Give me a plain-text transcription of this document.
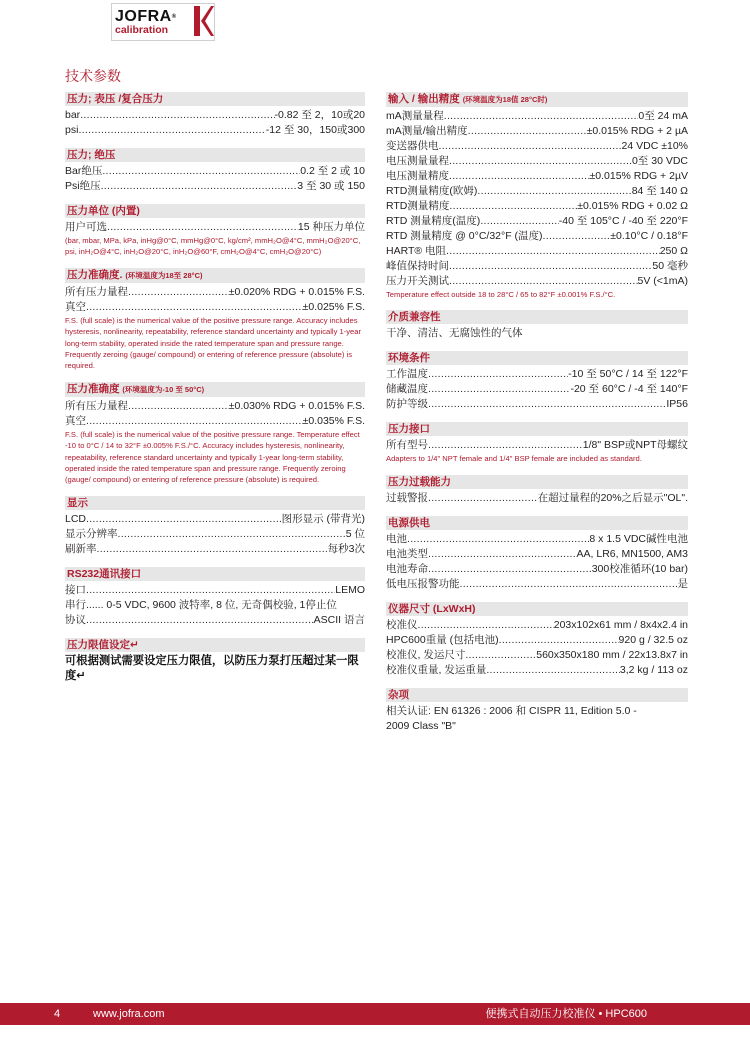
JOFRA®
calibration
技术参数
压力; 表压 /复合压力
bar .....	-0.82 至 2，10或20
psi .....	-12 至 30，150或300
压力; 绝压
Bar绝压 .....	0.2 至 2 或 10
Psi绝压 .....	3 至 30 或 150
压力单位 (内置)
用户可选 .....	15 种压力单位
(bar, mbar, MPa, kPa, inHg@0°C, mmHg@0°C, kg/cm², mmH₂O@4°C, mmH₂O@20°C, psi, inH₂O@4°C, inH₂O@20°C, inH₂O@60°F, cmH₂O@4°C, cmH₂O@20°C)
压力准确度. (环境温度为18至 28°C)
所有压力量程 .....	±0.020% RDG + 0.015% F.S.
真空 .....	±0.025% F.S.
F.S. (full scale) is the numerical value of the positive pressure range. Accuracy includes hysteresis, nonlinearity, repeatability, reference standard uncertainty and typically 1-year long-term stability, operated inside the rated temperature span and pressure range. Frequently zeroing (gauge/ compound) or entering of reference pressure (absolute) is required.
压力准确度 (环境温度为-10 至 50°C)
所有压力量程 .....	±0.030% RDG + 0.015% F.S.
真空 .....	±0.035% F.S.
F.S. (full scale) is the numerical value of the positive pressure range. Temperature effect -10 to 0°C / 14 to 32°F ±0.005% F.S./°C. Accuracy includes hysteresis, nonlinearity, repeatability, reference standard uncertainty and typically 1-year long-term stability, operated inside the rated temperature span and pressure range. Frequently zeroing (gauge/ compound) or entering of reference pressure (absolute) is required.
显示
LCD .....	图形显示 (带背光)
显示分辨率 .....	5 位
刷新率 .....	每秒3次
RS232通讯接口
接口 .....	LEMO
串行...... 0-5 VDC, 9600 波特率, 8 位, 无奇偶校验, 1停止位
协议 .....	ASCII 语言
压力限值设定↵
可根据测试需要设定压力限值，以防压力泵打压超过某一限度↵
输入 / 输出精度 (环境温度为18值 28°C时)
mA测量量程 .....	0至 24 mA
mA测量/输出精度 .....	±0.015% RDG + 2 µA
变送器供电 .....	24 VDC ±10%
电压测量量程 .....	0至 30 VDC
电压测量精度 .....	±0.015% RDG + 2µV
RTD测量精度(欧姆) .....	84 至 140 Ω
RTD测量精度 .....	±0.015% RDG + 0.02 Ω
RTD 测量精度(温度) .....	-40 至 105°C / -40 至 220°F
RTD 测量精度 @ 0°C/32°F (温度) .....	±0.10°C / 0.18°F
HART® 电阻 .....	250 Ω
峰值保持时间 .....	50 毫秒
压力开关测试 .....	5V (<1mA)
Temperature effect outside 18 to 28°C / 65 to 82°F ±0.001% F.S./°C.
介质兼容性
干净、清洁、无腐蚀性的气体
环境条件
工作温度 .....	-10 至 50°C / 14 至 122°F
储藏温度 .....	-20 至 60°C / -4 至 140°F
防护等级 .....	IP56
压力接口
所有型号 .....	1/8" BSP或NPT母螺纹
Adapters to 1/4" NPT female and 1/4" BSP female are included as standard.
压力过载能力
过载警报 .....	在超过量程的20%之后显示"OL".
电源供电
电池 .....	8 x 1.5 VDC碱性电池
电池类型 .....	AA, LR6, MN1500, AM3
电池寿命 .....	300校准循环(10 bar)
低电压报警功能 .....	是
仪器尺寸 (LxWxH)
校准仪 .....	203x102x61 mm / 8x4x2.4 in
HPC600重量 (包括电池) .....	920 g / 32.5 oz
校准仪, 发运尺寸 .....	560x350x180 mm / 22x13.8x7 in
校准仪重量, 发运重量 .....	3,2 kg / 113 oz
杂项
相关认证: EN 61326 : 2006 和 CISPR 11, Edition 5.0 -
2009 Class "B"
4	www.jofra.com	便携式自动压力校准仪 • HPC600
